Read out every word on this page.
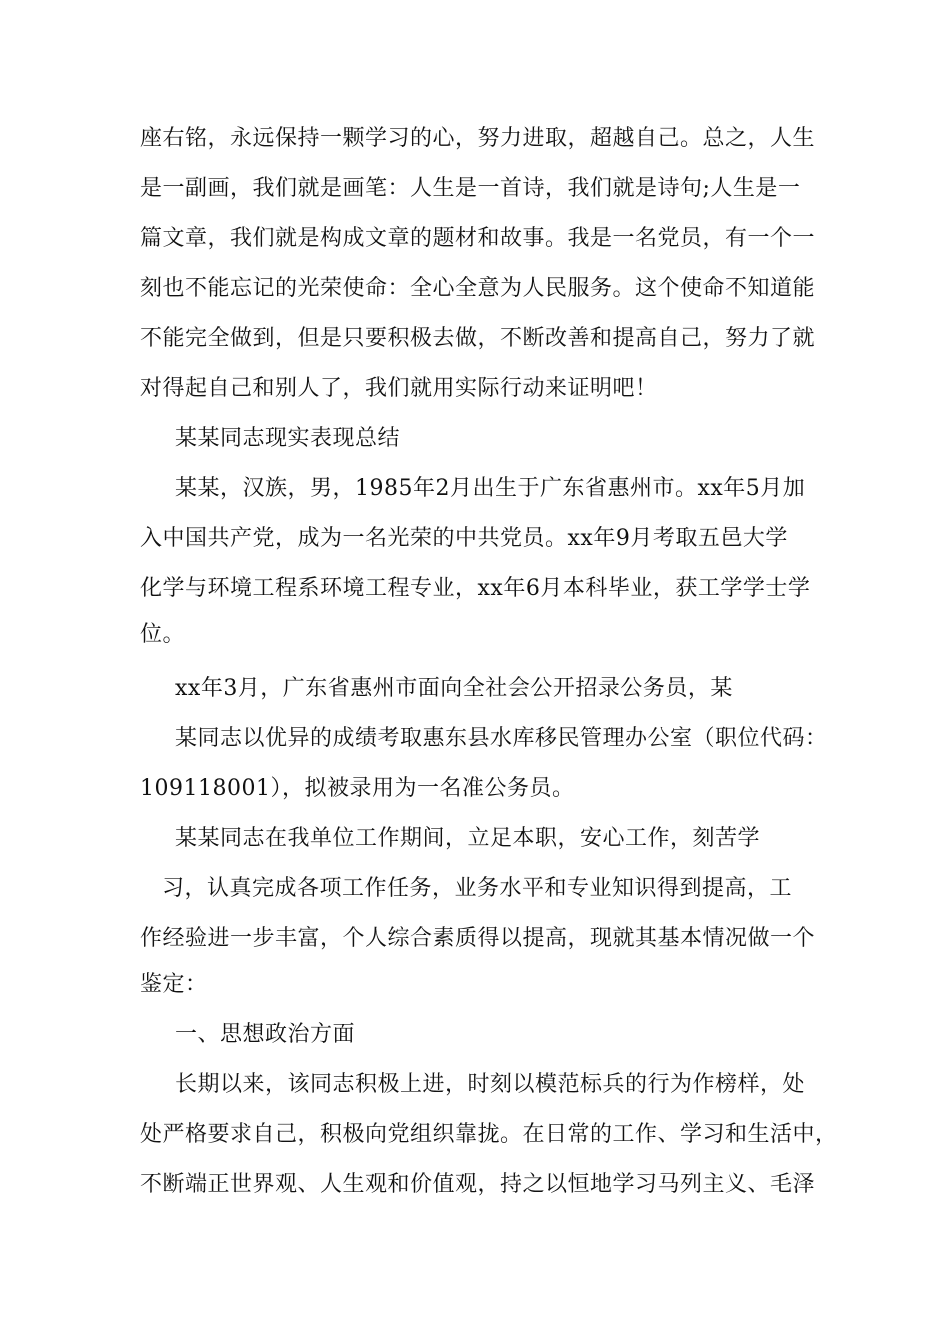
座右铭，永远保持一颗学习的心，努力进取，超越自己。总之，人生
是一副画，我们就是画笔：人生是一首诗，我们就是诗句;人生是一
篇文章，我们就是构成文章的题材和故事。我是一名党员，有一个一
刻也不能忘记的光荣使命：全心全意为人民服务。这个使命不知道能
不能完全做到，但是只要积极去做，不断改善和提高自己，努力了就
对得起自己和别人了，我们就用实际行动来证明吧！
某某同志现实表现总结
某某，汉族，男，1985年2月出生于广东省惠州市。xx年5月加
入中国共产党，成为一名光荣的中共党员。xx年9月考取五邑大学
化学与环境工程系环境工程专业，xx年6月本科毕业，获工学学士学
位。
xx年3月，广东省惠州市面向全社会公开招录公务员，某
某同志以优异的成绩考取惠东县水库移民管理办公室（职位代码：
109118001），拟被录用为一名准公务员。
某某同志在我单位工作期间，立足本职，安心工作，刻苦学
习，认真完成各项工作任务，业务水平和专业知识得到提高，工
作经验进一步丰富，个人综合素质得以提高，现就其基本情况做一个
鉴定：
一、思想政治方面
长期以来，该同志积极上进，时刻以模范标兵的行为作榜样，处
处严格要求自己，积极向党组织靠拢。在日常的工作、学习和生活中，
不断端正世界观、人生观和价值观，持之以恒地学习马列主义、毛泽
